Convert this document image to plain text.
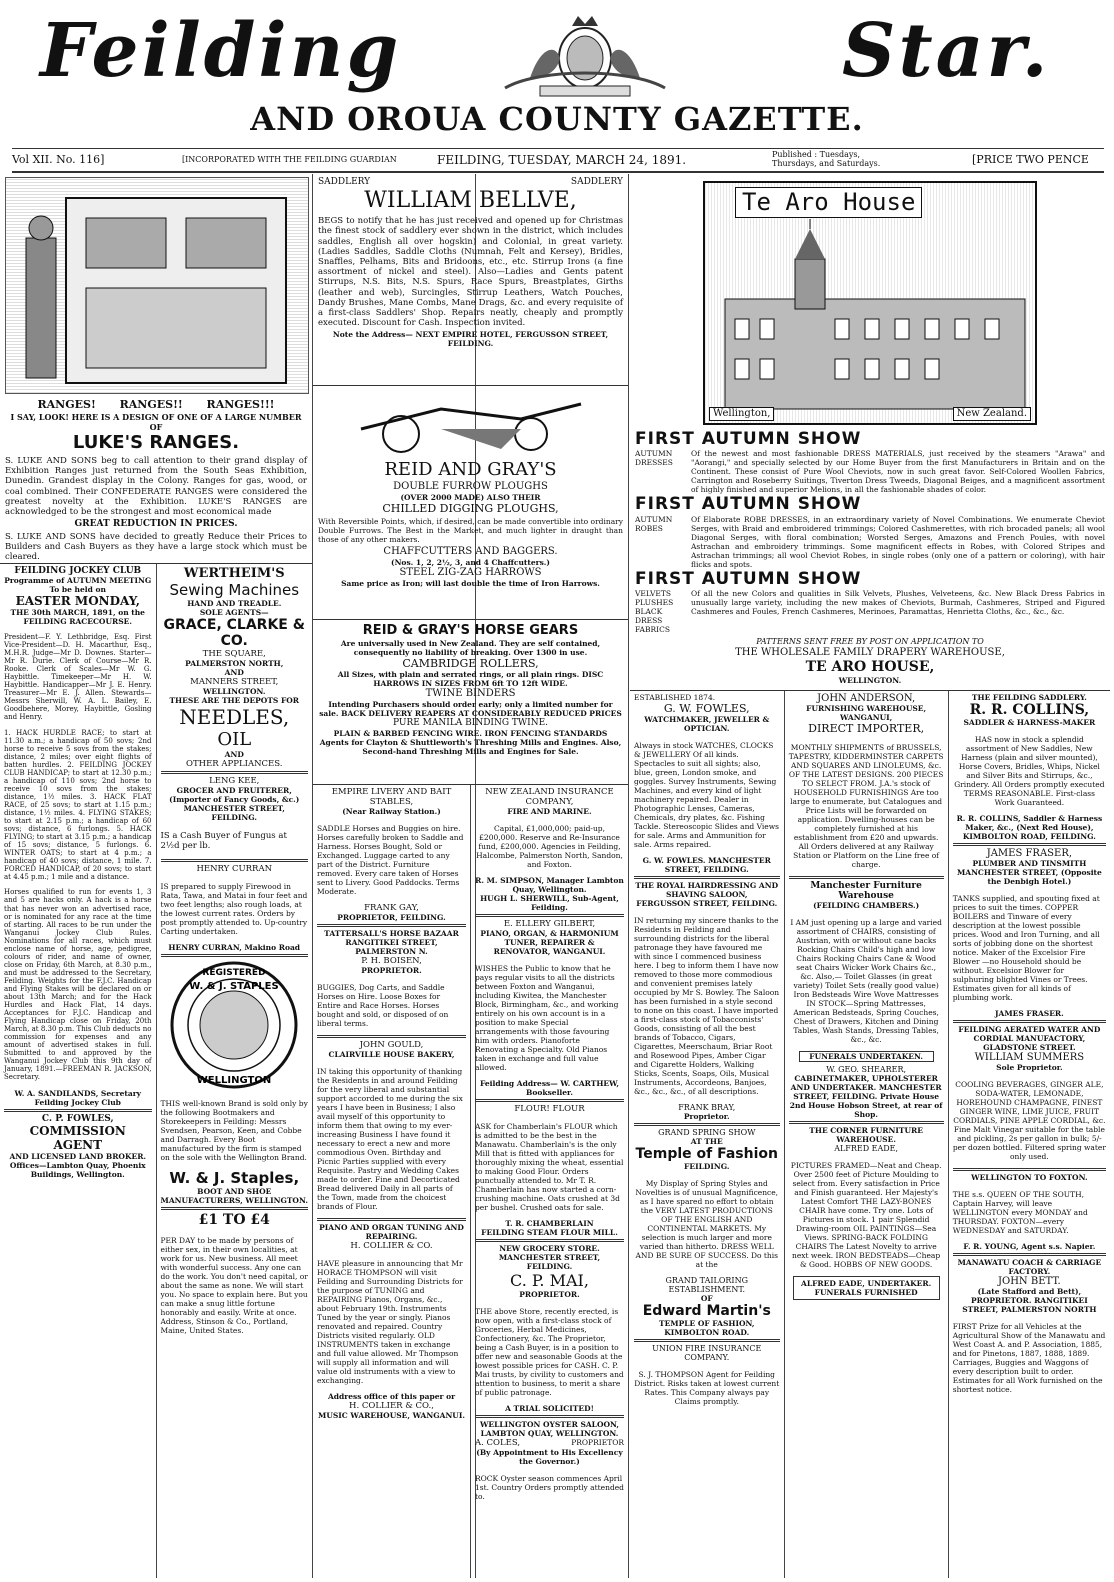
Feilding	Star.
AND OROUA COUNTY GAZETTE.
Vol XII. No. 116]	[INCORPORATED WITH THE FEILDING GUARDIAN	FEILDING, TUESDAY, MARCH 24, 1891.	Published : Tuesdays, Thursdays, and Saturdays.	[PRICE TWO PENCE
RANGES! RANGES!! RANGES!!!
I SAY, LOOK! HERE IS A DESIGN OF ONE OF A LARGE NUMBER OF
LUKE'S RANGES.

S. LUKE AND SONS beg to call attention to their grand display of Exhibition Ranges just returned from the South Seas Exhibition, Dunedin. Grandest display in the Colony. Ranges for gas, wood, or coal combined. Their CONFEDERATE RANGES were considered the greatest novelty at the Exhibition. LUKE'S RANGES are acknowledged to be the strongest and most economical made

GREAT REDUCTION IN PRICES.

S. LUKE AND SONS have decided to greatly Reduce their Prices to Builders and Cash Buyers as they have a large stock which must be cleared.

FEILDING JOCKEY CLUB
Programme of AUTUMN MEETING To be held on
EASTER MONDAY,
THE 30th MARCH, 1891, on the FEILDING RACECOURSE.

President—F. Y. Lethbridge, Esq. First Vice-President—D. H. Macarthur, Esq., M.H.R. Judge—Mr D. Downes. Starter—Mr R. Durie. Clerk of Course—Mr R. Rooke. Clerk of Scales—Mr W. G. Haybittle. Timekeeper—Mr H. W. Haybittle. Handicapper—Mr J. E. Henry. Treasurer—Mr E. J. Allen. Stewards—Messrs Sherwill, W. A. L. Bailey, E. Goodbehere, Morey, Haybittle, Gosling and Henry.

1. HACK HURDLE RACE; to start at 11.30 a.m.; a handicap of 50 sovs; 2nd horse to receive 5 sovs from the stakes; distance, 2 miles; over eight flights of batten hurdles. 2. FEILDING JOCKEY CLUB HANDICAP; to start at 12.30 p.m.; a handicap of 110 sovs; 2nd horse to receive 10 sovs from the stakes; distance, 1½ miles. 3. HACK FLAT RACE, of 25 sovs; to start at 1.15 p.m.; distance, 1½ miles. 4. FLYING STAKES; to start at 2.15 p.m.; a handicap of 60 sovs; distance, 6 furlongs. 5. HACK FLYING; to start at 3.15 p.m.; a handicap of 15 sovs; distance, 5 furlongs. 6. WINTER OATS; to start at 4 p.m.; a handicap of 40 sovs; distance, 1 mile. 7. FORCED HANDICAP, of 20 sovs; to start at 4.45 p.m.; 1 mile and a distance.

Horses qualified to run for events 1, 3 and 5 are hacks only. A hack is a horse that has never won an advertised race, or is nominated for any race at the time of starting. All races to be run under the Wanganui Jockey Club Rules. Nominations for all races, which must enclose name of horse, age, pedigree, colours of rider, and name of owner, close on Friday, 6th March, at 8.30 p.m., and must be addressed to the Secretary, Feilding. Weights for the F.J.C. Handicap and Flying Stakes will be declared on or about 13th March; and for the Hack Hurdles and Hack Flat, 14 days. Acceptances for F.J.C. Handicap and Flying Handicap close on Friday, 20th March, at 8.30 p.m. This Club deducts no commission for expenses and any amount of advertised stakes in full. Submitted to and approved by the Wanganui Jockey Club this 9th day of January, 1891.—FREEMAN R. JACKSON, Secretary.

W. A. SANDILANDS, Secretary Feilding Jockey Club
C. P. FOWLES,
COMMISSION AGENT
AND LICENSED LAND BROKER. Offices—Lambton Quay, Phoenix Buildings, Wellington.
WERTHEIM'S
Sewing Machines
HAND AND TREADLE.
SOLE AGENTS—
GRACE, CLARKE & CO.
THE SQUARE,
PALMERSTON NORTH,
AND
MANNERS STREET,
WELLINGTON.
THESE ARE THE DEPOTS FOR
NEEDLES,
OIL
AND
OTHER APPLIANCES.
LENG KEE,
GROCER AND FRUITERER,
(Importer of Fancy Goods, &c.)
MANCHESTER STREET, FEILDING.

IS a Cash Buyer of Fungus at 2½d per lb.

HENRY CURRAN

IS prepared to supply Firewood in Rata, Tawa, and Matai in four feet and two feet lengths; also rough loads, at the lowest current rates. Orders by post promptly attended to. Up-country Carting undertaken.

HENRY CURRAN, Makino Road
REGISTERED
W. & J. STAPLES
WELLINGTON

THIS well-known Brand is sold only by the following Bootmakers and Storekeepers in Feilding: Messrs Svendsen, Pearson, Keen, and Cobbe and Darragh. Every Boot manufactured by the firm is stamped on the sole with the Wellington Brand.

W. & J. Staples,
BOOT AND SHOE MANUFACTURERS, WELLINGTON.
£1 TO £4

PER DAY to be made by persons of either sex, in their own localities, at work for us. New business. All meet with wonderful success. Any one can do the work. You don't need capital, or about the same as none. We will start you. No space to explain here. But you can make a snug little fortune honorably and easily. Write at once. Address, Stinson & Co., Portland, Maine, United States.

SADDLERY	SADDLERY
WILLIAM BELLVE,

BEGS to notify that he has just received and opened up for Christmas the finest stock of saddlery ever shown in the district, which includes saddles, English all over hogskin) and Colonial, in great variety. (Ladies Saddles, Saddle Cloths (Numnah, Felt and Kersey), Bridles, Snaffles, Pelhams, Bits and Bridoons, etc., etc. Stirrup Irons (a fine assortment of nickel and steel). Also—Ladies and Gents patent Stirrups, N.S. Bits, N.S. Spurs, Race Spurs, Breastplates, Girths (leather and web), Surcingles, Stirrup Leathers, Watch Pouches, Dandy Brushes, Mane Combs, Mane Drags, &c. and every requisite of a first-class Saddlers' Shop. Repairs neatly, cheaply and promptly executed. Discount for Cash. Inspection invited.

Note the Address— NEXT EMPIRE HOTEL, FERGUSSON STREET, FEILDING.
REID AND GRAY'S
DOUBLE FURROW PLOUGHS
(OVER 2000 MADE) ALSO THEIR
CHILLED DIGGING PLOUGHS,

With Reversible Points, which, if desired, can be made convertible into ordinary Double Furrows. The Best in the Market, and much lighter in draught than those of any other makers.

CHAFFCUTTERS AND BAGGERS.
(Nos. 1, 2, 2½, 3, and 4 Chaffcutters.)
STEEL ZIG-ZAG HARROWS
Same price as Iron; will last double the time of Iron Harrows.
REID & GRAY'S HORSE GEARS
Are universally used in New Zealand. They are self contained, consequently no liability of breaking. Over 1300 in use.
CAMBRIDGE ROLLERS,
All Sizes, with plain and serrated rings, or all plain rings. DISC HARROWS IN SIZES FROM 6ft TO 12ft WIDE.
TWINE BINDERS
Intending Purchasers should order early; only a limited number for sale. BACK DELIVERY REAPERS AT CONSIDERABLY REDUCED PRICES
PURE MANILA BINDING TWINE.
PLAIN & BARBED FENCING WIRE. IRON FENCING STANDARDS
Agents for Clayton & Shuttleworth's Threshing Mills and Engines. Also, Second-hand Threshing Mills and Engines for Sale.
EMPIRE LIVERY AND BAIT STABLES,
(Near Railway Station.)

SADDLE Horses and Buggies on hire. Horses carefully broken to Saddle and Harness. Horses Bought, Sold or Exchanged. Luggage carted to any part of the District. Furniture removed. Every care taken of Horses sent to Livery. Good Paddocks. Terms Moderate.

FRANK GAY,
PROPRIETOR, FEILDING.
TATTERSALL'S HORSE BAZAAR
RANGITIKEI STREET, PALMERSTON N.
P. H. BOISEN,
PROPRIETOR.

BUGGIES, Dog Carts, and Saddle Horses on Hire. Loose Boxes for Entire and Race Horses. Horses bought and sold, or disposed of on liberal terms.

JOHN GOULD,
CLAIRVILLE HOUSE BAKERY,

IN taking this opportunity of thanking the Residents in and around Feilding for the very liberal and substantial support accorded to me during the six years I have been in Business; I also avail myself of this opportunity to inform them that owing to my ever-increasing Business I have found it necessary to erect a new and more commodious Oven. Birthday and Picnic Parties supplied with every Requisite. Pastry and Wedding Cakes made to order. Fine and Decorticated Bread delivered Daily in all parts of the Town, made from the choicest brands of Flour.

PIANO AND ORGAN TUNING AND REPAIRING.
H. COLLIER & CO.

HAVE pleasure in announcing that Mr HORACE THOMPSON will visit Feilding and Surrounding Districts for the purpose of TUNING and REPAIRING Pianos, Organs, &c., about February 19th. Instruments Tuned by the year or singly. Pianos renovated and repaired. Country Districts visited regularly. OLD INSTRUMENTS taken in exchange and full value allowed. Mr Thompson will supply all information and will value old instruments with a view to exchanging.

Address office of this paper or
H. COLLIER & CO.,
MUSIC WAREHOUSE, WANGANUI.
NEW ZEALAND INSURANCE COMPANY,
FIRE AND MARINE.

Capital, £1,000,000; paid-up, £200,000. Reserve and Re-Insurance fund, £200,000. Agencies in Feilding, Halcombe, Palmerston North, Sandon, and Foxton.

R. M. SIMPSON, Manager Lambton Quay, Wellington.
HUGH L. SHERWILL, Sub-Agent, Feilding.
E. ELLERY GILBERT,
PIANO, ORGAN, & HARMONIUM TUNER, REPAIRER & RENOVATOR, WANGANUI.

WISHES the Public to know that he pays regular visits to all the districts between Foxton and Wanganui, including Kiwitea, the Manchester Block, Birmingham, &c., and working entirely on his own account is in a position to make Special arrangements with those favouring him with orders. Pianoforte Renovating a Specialty. Old Pianos taken in exchange and full value allowed.

Feilding Address— W. CARTHEW, Bookseller.
FLOUR! FLOUR

ASK for Chamberlain's FLOUR which is admitted to be the best in the Manawatu. Chamberlain's is the only Mill that is fitted with appliances for thoroughly mixing the wheat, essential to making Good Flour. Orders punctually attended to. Mr T. R. Chamberlain has now started a corn-crushing machine. Oats crushed at 3d per bushel. Crushed oats for sale.

T. R. CHAMBERLAIN
FEILDING STEAM FLOUR MILL.
NEW GROCERY STORE.
MANCHESTER STREET, FEILDING.
C. P. MAI,
PROPRIETOR.

THE above Store, recently erected, is now open, with a first-class stock of Groceries, Herbal Medicines, Confectionery, &c. The Proprietor, being a Cash Buyer, is in a position to offer new and seasonable Goods at the lowest possible prices for CASH. C. P. Mai trusts, by civility to customers and attention to business, to merit a share of public patronage.

A TRIAL SOLICITED!
WELLINGTON OYSTER SALOON,
LAMBTON QUAY, WELLINGTON.
A. COLES,	PROPRIETOR
(By Appointment to His Excellency the Governor.)

ROCK Oyster season commences April 1st. Country Orders promptly attended to.

Te Aro House
Wellington,	New Zealand.
FIRST AUTUMN SHOW
AUTUMN DRESSES
Of the newest and most fashionable DRESS MATERIALS, just received by the steamers "Arawa" and "Aorangi," and specially selected by our Home Buyer from the first Manufacturers in Britain and on the Continent. These consist of Pure Wool Cheviots, now in such great favor. Self-Colored Woollen Fabrics, Carrington and Roseberry Suitings, Tiverton Dress Tweeds, Diagonal Beiges, and a magnificent assortment of highly finished and superior Melions, in all the fashionable shades of color.
FIRST AUTUMN SHOW
AUTUMN ROBES
Of Elaborate ROBE DRESSES, in an extraordinary variety of Novel Combinations. We enumerate Cheviot Serges, with Braid and embroidered trimmings; Colored Cashmerettes, with rich brocaded panels; all wool Diagonal Serges, with floral combination; Worsted Serges, Amazons and French Poules, with novel Astrachan and embroidery trimmings. Some magnificent effects in Robes, with Colored Stripes and Astrachan trimmings; all wool Cheviot Robes, in single robes (only one of a pattern or coloring), with hair flicks and spots.
FIRST AUTUMN SHOW
VELVETS PLUSHES BLACK DRESS FABRICS
Of all the new Colors and qualities in Silk Velvets, Plushes, Velveteens, &c. New Black Dress Fabrics in unusually large variety, including the new makes of Cheviots, Burmah, Cashmeres, Striped and Figured Cashmeres and Foules, French Cashmeres, Merinoes, Paramattas, Henrietta Cloths, &c., &c., &c.
PATTERNS SENT FREE BY POST ON APPLICATION TO
THE WHOLESALE FAMILY DRAPERY WAREHOUSE,
TE ARO HOUSE,
WELLINGTON.
ESTABLISHED 1874.
G. W. FOWLES,
WATCHMAKER, JEWELLER & OPTICIAN.

Always in stock WATCHES, CLOCKS & JEWELLERY Of all kinds. Spectacles to suit all sights; also, blue, green, London smoke, and goggles. Survey Instruments, Sewing Machines, and every kind of light machinery repaired. Dealer in Photographic Lenses, Cameras, Chemicals, dry plates, &c. Fishing Tackle. Stereoscopic Slides and Views for sale. Arms and Ammunition for sale. Arms repaired.

G. W. FOWLES. MANCHESTER STREET, FEILDING.
THE ROYAL HAIRDRESSING AND SHAVING SALOON,
FERGUSSON STREET, FEILDING.

IN returning my sincere thanks to the Residents in Feilding and surrounding districts for the liberal patronage they have favoured me with since I commenced business here. I beg to inform them I have now removed to those more commodious and convenient premises lately occupied by Mr S. Bowley. The Saloon has been furnished in a style second to none on this coast. I have imported a first-class stock of Tobacconists' Goods, consisting of all the best brands of Tobacco, Cigars, Cigarettes, Meerschaum, Briar Root and Rosewood Pipes, Amber Cigar and Cigarette Holders, Walking Sticks, Scents, Soaps, Oils, Musical Instruments, Accordeons, Banjoes, &c., &c., &c., of all descriptions.

FRANK BRAY,
Proprietor.
GRAND SPRING SHOW
AT THE
Temple of Fashion
FEILDING.

My Display of Spring Styles and Novelties is of unusual Magnificence, as I have spared no effort to obtain the VERY LATEST PRODUCTIONS OF THE ENGLISH AND CONTINENTAL MARKETS. My selection is much larger and more varied than hitherto. DRESS WELL AND BE SURE OF SUCCESS. Do this at the

GRAND TAILORING ESTABLISHMENT.
OF
Edward Martin's
TEMPLE OF FASHION, KIMBOLTON ROAD.
UNION FIRE INSURANCE COMPANY.

S. J. THOMPSON Agent for Feilding District. Risks taken at lowest current Rates. This Company always pay Claims promptly.

JOHN ANDERSON,
FURNISHING WAREHOUSE, WANGANUI,
DIRECT IMPORTER,

MONTHLY SHIPMENTS of BRUSSELS, TAPESTRY, KIDDERMINSTER CARPETS AND SQUARES AND LINOLEUMS, &c. OF THE LATEST DESIGNS. 200 PIECES TO SELECT FROM. J.A.'s stock of HOUSEHOLD FURNISHINGS Are too large to enumerate, but Catalogues and Price Lists will be forwarded on application. Dwelling-houses can be completely furnished at his establishment from £20 and upwards. All Orders delivered at any Railway Station or Platform on the Line free of charge.

Manchester Furniture Warehouse
(FEILDING CHAMBERS.)

I AM just opening up a large and varied assortment of CHAIRS, consisting of Austrian, with or without cane backs Rocking Chairs Child's high and low Chairs Rocking Chairs Cane & Wood seat Chairs Wicker Work Chairs &c., &c. Also,— Toilet Glasses (in great variety) Toilet Sets (really good value) Iron Bedsteads Wire Wove Mattresses IN STOCK—Spring Mattresses, American Bedsteads, Spring Couches, Chest of Drawers, Kitchen and Dining Tables, Wash Stands, Dressing Tables, &c., &c.

FUNERALS UNDERTAKEN.
W. GEO. SHEARER,
CABINETMAKER, UPHOLSTERER AND UNDERTAKER. MANCHESTER STREET, FEILDING. Private House 2nd House Hobson Street, at rear of Shop.
THE CORNER FURNITURE WAREHOUSE.
ALFRED EADE,

PICTURES FRAMED—Neat and Cheap. Over 2500 feet of Picture Moulding to select from. Every satisfaction in Price and Finish guaranteed. Her Majesty's Latest Comfort THE LAZY-BONES CHAIR have come. Try one. Lots of Pictures in stock. 1 pair Splendid Drawing-room OIL PAINTINGS—Sea Views. SPRING-BACK FOLDING CHAIRS The Latest Novelty to arrive next week. IRON BEDSTEADS—Cheap & Good. HOBBS OF NEW GOODS.

ALFRED EADE, UNDERTAKER.
FUNERALS FURNISHED
THE FEILDING SADDLERY.
R. R. COLLINS,
SADDLER & HARNESS-MAKER

HAS now in stock a splendid assortment of New Saddles, New Harness (plain and silver mounted), Horse Covers, Bridles, Whips, Nickel and Silver Bits and Stirrups, &c., Grindery. All Orders promptly executed TERMS REASONABLE. First-class Work Guaranteed.

R. R. COLLINS, Saddler & Harness Maker, &c., (Next Red House), KIMBOLTON ROAD, FEILDING.
JAMES FRASER,
PLUMBER AND TINSMITH MANCHESTER STREET, (Opposite the Denbigh Hotel.)

TANKS supplied, and spouting fixed at prices to suit the times. COPPER BOILERS and Tinware of every description at the lowest possible prices. Wood and Iron Turning, and all sorts of jobbing done on the shortest notice. Maker of the Excelsior Fire Blower —no Household should be without. Excelsior Blower for sulphuring blighted Vines or Trees. Estimates given for all kinds of plumbing work.

JAMES FRASER.
FEILDING AERATED WATER AND CORDIAL MANUFACTORY,
GLADSTONE STREET.
WILLIAM SUMMERS
Sole Proprietor.

COOLING BEVERAGES, GINGER ALE, SODA-WATER, LEMONADE, HOREHOUND CHAMPAGNE, FINEST GINGER WINE, LIME JUICE, FRUIT CORDIALS, PINE APPLE CORDIAL, &c. Fine Malt Vinegar suitable for the table and pickling, 2s per gallon in bulk; 5/- per dozen bottled. Filtered spring water only used.

WELLINGTON TO FOXTON.

THE s.s. QUEEN OF THE SOUTH, Captain Harvey, will leave WELLINGTON every MONDAY and THURSDAY. FOXTON—every WEDNESDAY and SATURDAY.

F. R. YOUNG, Agent s.s. Napier.
MANAWATU COACH & CARRIAGE FACTORY.
JOHN BETT.
(Late Stafford and Bett), PROPRIETOR. RANGITIKEI STREET, PALMERSTON NORTH

FIRST Prize for all Vehicles at the Agricultural Show of the Manawatu and West Coast A. and P. Association, 1885, and for Pinetons, 1887, 1888, 1889. Carriages, Buggies and Waggons of every description built to order. Estimates for all Work furnished on the shortest notice.
